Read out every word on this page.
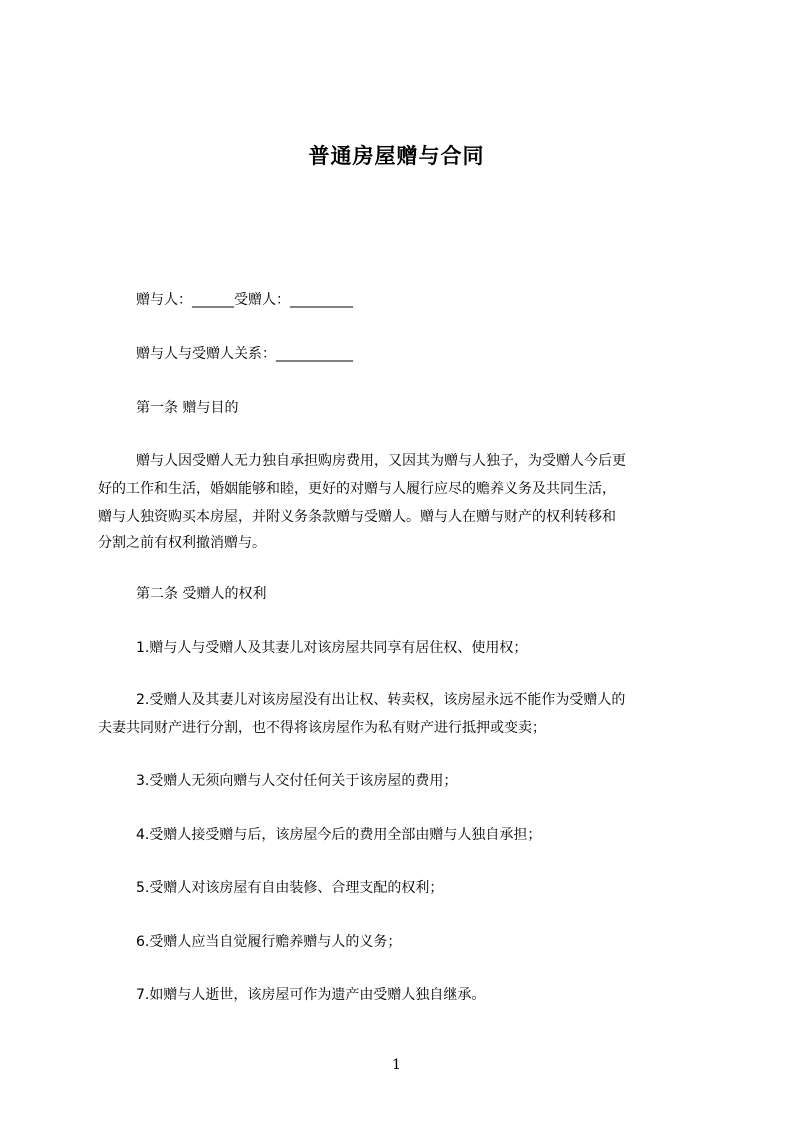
普通房屋赠与合同
赠与人：______受赠人：_________
赠与人与受赠人关系：___________
第一条 赠与目的
赠与人因受赠人无力独自承担购房费用，又因其为赠与人独子，为受赠人今后更
好的工作和生活，婚姻能够和睦，更好的对赠与人履行应尽的赡养义务及共同生活，
赠与人独资购买本房屋，并附义务条款赠与受赠人。赠与人在赠与财产的权利转移和
分割之前有权利撤消赠与。
第二条 受赠人的权利
1.赠与人与受赠人及其妻儿对该房屋共同享有居住权、使用权；
2.受赠人及其妻儿对该房屋没有出让权、转卖权，该房屋永远不能作为受赠人的
夫妻共同财产进行分割，也不得将该房屋作为私有财产进行抵押或变卖；
3.受赠人无须向赠与人交付任何关于该房屋的费用；
4.受赠人接受赠与后，该房屋今后的费用全部由赠与人独自承担；
5.受赠人对该房屋有自由装修、合理支配的权利；
6.受赠人应当自觉履行赡养赠与人的义务；
7.如赠与人逝世，该房屋可作为遗产由受赠人独自继承。
1
